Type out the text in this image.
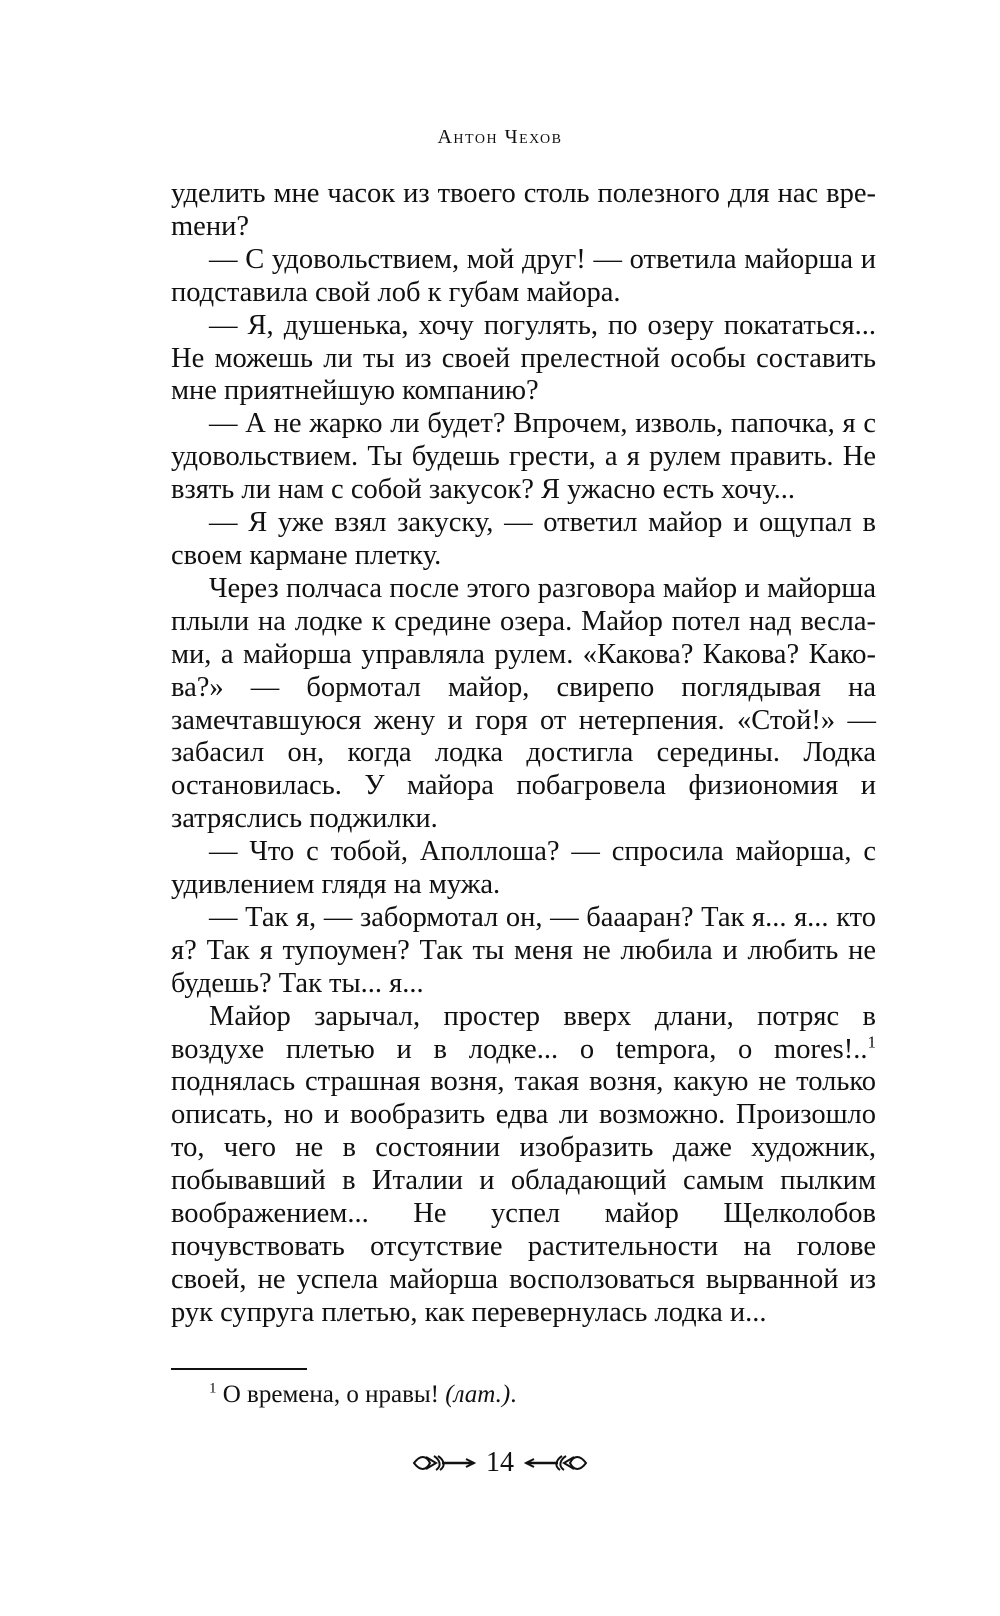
Антон Чехов

уделить мне часок из твоего столь полезного для нас вреmени?

— С удовольствием, мой друг! — ответила майорша и подставила свой лоб к губам майора.

— Я, душенька, хочу погулять, по озеру покататься... Не можешь ли ты из своей прелестной особы составить мне приятнейшую компанию?

— А не жарко ли будет? Впрочем, изволь, папочка, я с удовольствием. Ты будешь грести, а я рулем править. Не взять ли нам с собой закусок? Я ужасно есть хочу...

— Я уже взял закуску, — ответил майор и ощупал в своем кармане плетку.

Через полчаса после этого разговора майор и майорша плыли на лодке к средине озера. Майор потел над веслами, а майорша управляла рулем. «Какова? Какова? Какова?» — бормотал майор, свирепо поглядывая на замечтавшуюся жену и горя от нетерпения. «Стой!» — забасил он, когда лодка достигла середины. Лодка остановилась. У майора побагровела физиономия и затряслись поджилки.

— Что с тобой, Аполлоша? — спросила майорша, с удивлением глядя на мужа.

— Так я, — забормотал он, — бааaран? Так я... я... кто я? Так я тупоумен? Так ты меня не любила и любить не будешь? Так ты... я...

Майор зарычал, простер вверх длани, потряс в воздухе плетью и в лодке... о tempora, о mores!..$^1$ поднялась страшная возня, такая возня, какую не только описать, но и вообразить едва ли возможно. Произошло то, чего не в состоянии изобразить даже художник, побывавший в Италии и обладающий самым пылким воображением... Не успел майор Щелколобов почувствовать отсутствие растительности на голове своей, не успела майорша восползоваться вырванной из рук супруга плетью, как перевернулась лодка и...

$^1$ О времена, о нравы! (лат.).
14
